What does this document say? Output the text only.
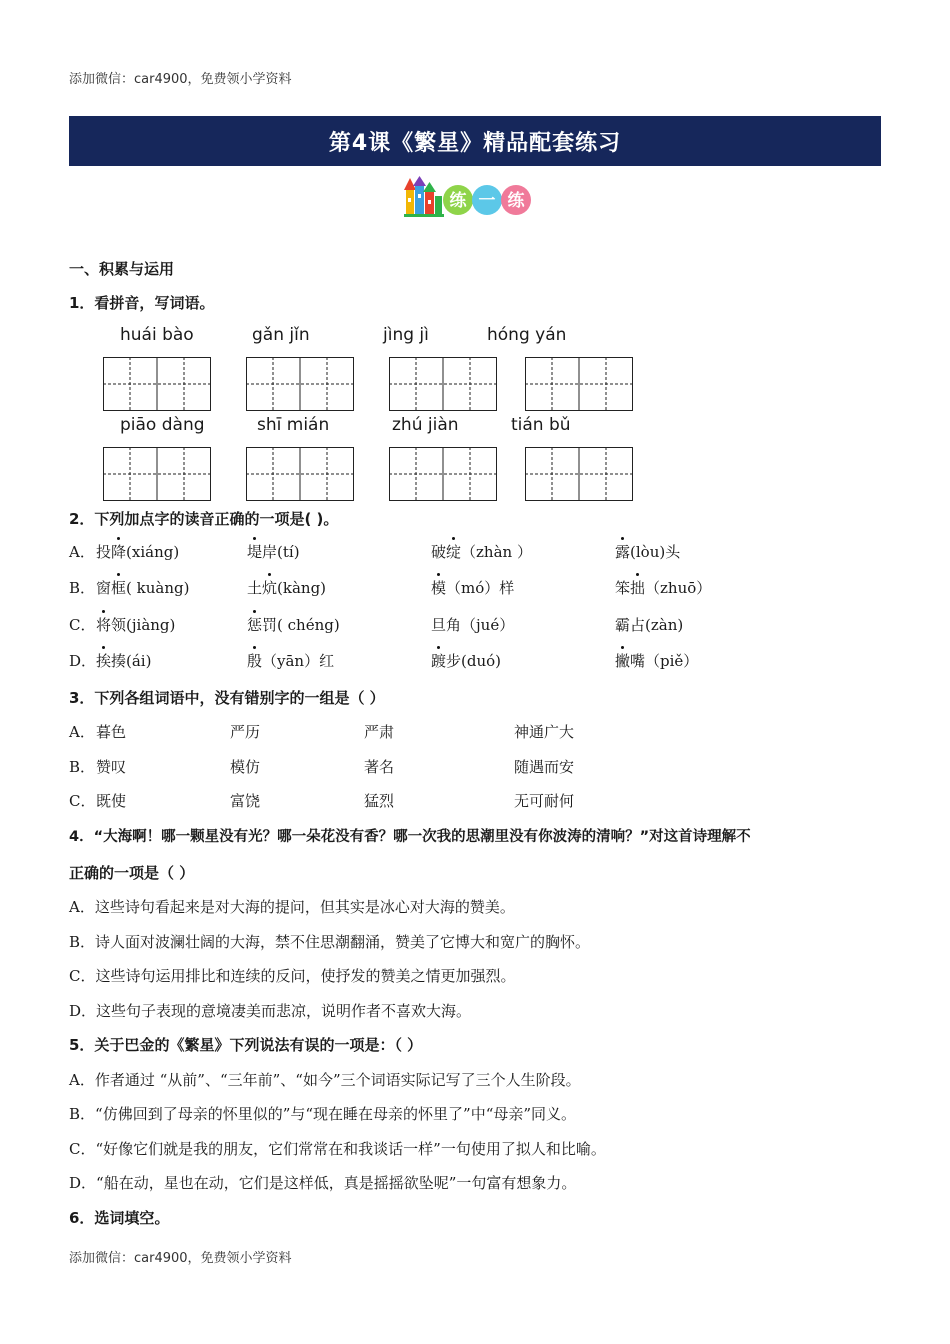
添加微信：car4900，免费领小学资料
第4课《繁星》精品配套练习
练 一 练
一、积累与运用
1．看拼音，写词语。
huái bào	gǎn jǐn	jìng jì	hóng yán
piāo dàng	shī mián	zhú jiàn	tián bǔ
2．下列加点字的读音正确的一项是( )。
A． 投降(xiáng)	堤岸(tí)	破绽（zhàn ）	露(lòu)头
B． 窗框( kuàng)	土炕(kàng)	模（mó）样	笨拙（zhuō）
C． 将领(jiàng)	惩罚( chéng)	旦角（jué）	霸占(zàn)
D． 挨揍(ái)	殷（yān）红	踱步(duó)	撇嘴（piě）
3．下列各组词语中，没有错别字的一组是（ ）
A． 暮色	严历	严肃	神通广大
B． 赞叹	模仿	著名	随遇而安
C． 既使	富饶	猛烈	无可耐何
4．“大海啊！哪一颗星没有光？哪一朵花没有香？哪一次我的思潮里没有你波涛的清响？”对这首诗理解不
正确的一项是（ ）
A．这些诗句看起来是对大海的提问，但其实是冰心对大海的赞美。
B．诗人面对波澜壮阔的大海，禁不住思潮翻涌，赞美了它博大和宽广的胸怀。
C．这些诗句运用排比和连续的反问，使抒发的赞美之情更加强烈。
D．这些句子表现的意境凄美而悲凉，说明作者不喜欢大海。
5．关于巴金的《繁星》下列说法有误的一项是：（ ）
A．作者通过 “从前”、“三年前”、“如今”三个词语实际记写了三个人生阶段。
B．“仿佛回到了母亲的怀里似的”与“现在睡在母亲的怀里了”中“母亲”同义。
C．“好像它们就是我的朋友，它们常常在和我谈话一样”一句使用了拟人和比喻。
D．“船在动，星也在动，它们是这样低，真是摇摇欲坠呢”一句富有想象力。
6．选词填空。
添加微信：car4900，免费领小学资料
